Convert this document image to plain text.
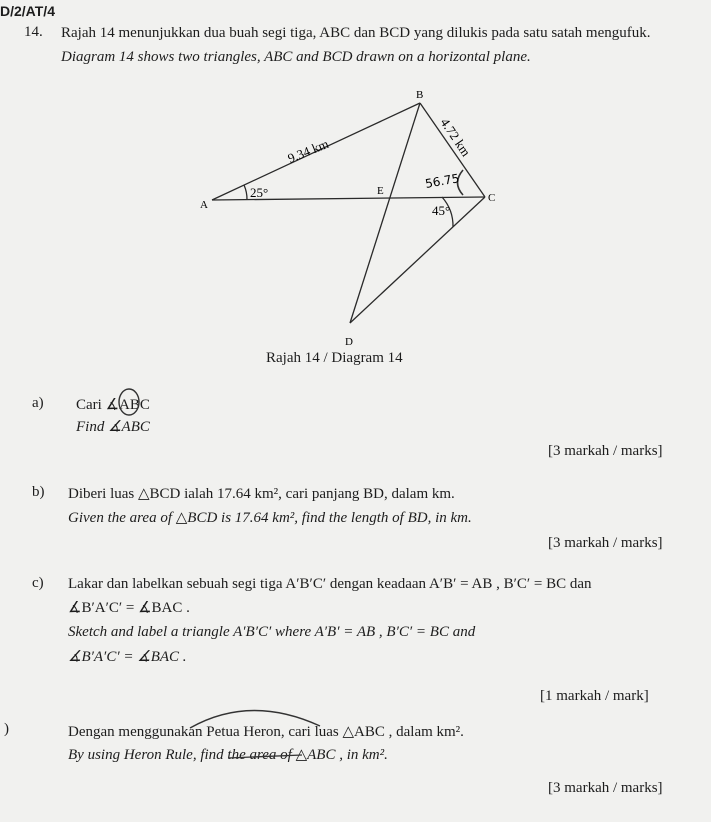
D/2/AT/4
14. Rajah 14 menunjukkan dua buah segi tiga, ABC dan BCD yang dilukis pada satu satah mengufuk.
Diagram 14 shows two triangles, ABC and BCD drawn on a horizontal plane.
B
A
C
D
E
9.34 km	4.72 km
25°
45°
56.75
Rajah 14 / Diagram 14
a) Cari ∡ABC
Find ∡ABC
[3 markah / marks]
b) Diberi luas △BCD ialah 17.64 km², cari panjang BD, dalam km.
Given the area of △BCD is 17.64 km², find the length of BD, in km.
[3 markah / marks]
c) Lakar dan labelkan sebuah segi tiga A′B′C′ dengan keadaan A′B′ = AB , B′C′ = BC dan
∡B′A′C′ = ∡BAC .
Sketch and label a triangle A′B′C′ where A′B′ = AB , B′C′ = BC and
∡B′A′C′ = ∡BAC .
[1 markah / mark]
)	Dengan menggunakan Petua Heron, cari luas △ABC , dalam km².
By using Heron Rule, find the area of △ABC , in km².
[3 markah / marks]
